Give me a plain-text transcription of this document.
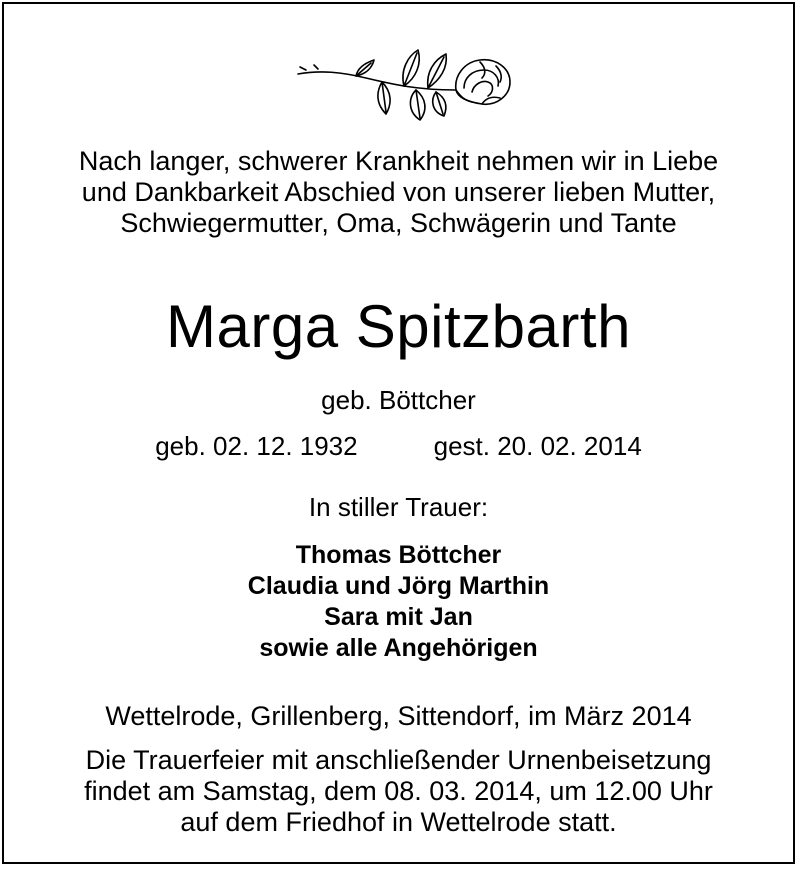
Nach langer, schwerer Krankheit nehmen wir in Liebe
und Dankbarkeit Abschied von unserer lieben Mutter,
Schwiegermutter, Oma, Schwägerin und Tante
Marga Spitzbarth
geb. Böttcher
geb. 02. 12. 1932	gest. 20. 02. 2014
In stiller Trauer:
Thomas Böttcher
Claudia und Jörg Marthin
Sara mit Jan
sowie alle Angehörigen
Wettelrode, Grillenberg, Sittendorf, im März 2014
Die Trauerfeier mit anschließender Urnenbeisetzung
findet am Samstag, dem 08. 03. 2014, um 12.00 Uhr
auf dem Friedhof in Wettelrode statt.
